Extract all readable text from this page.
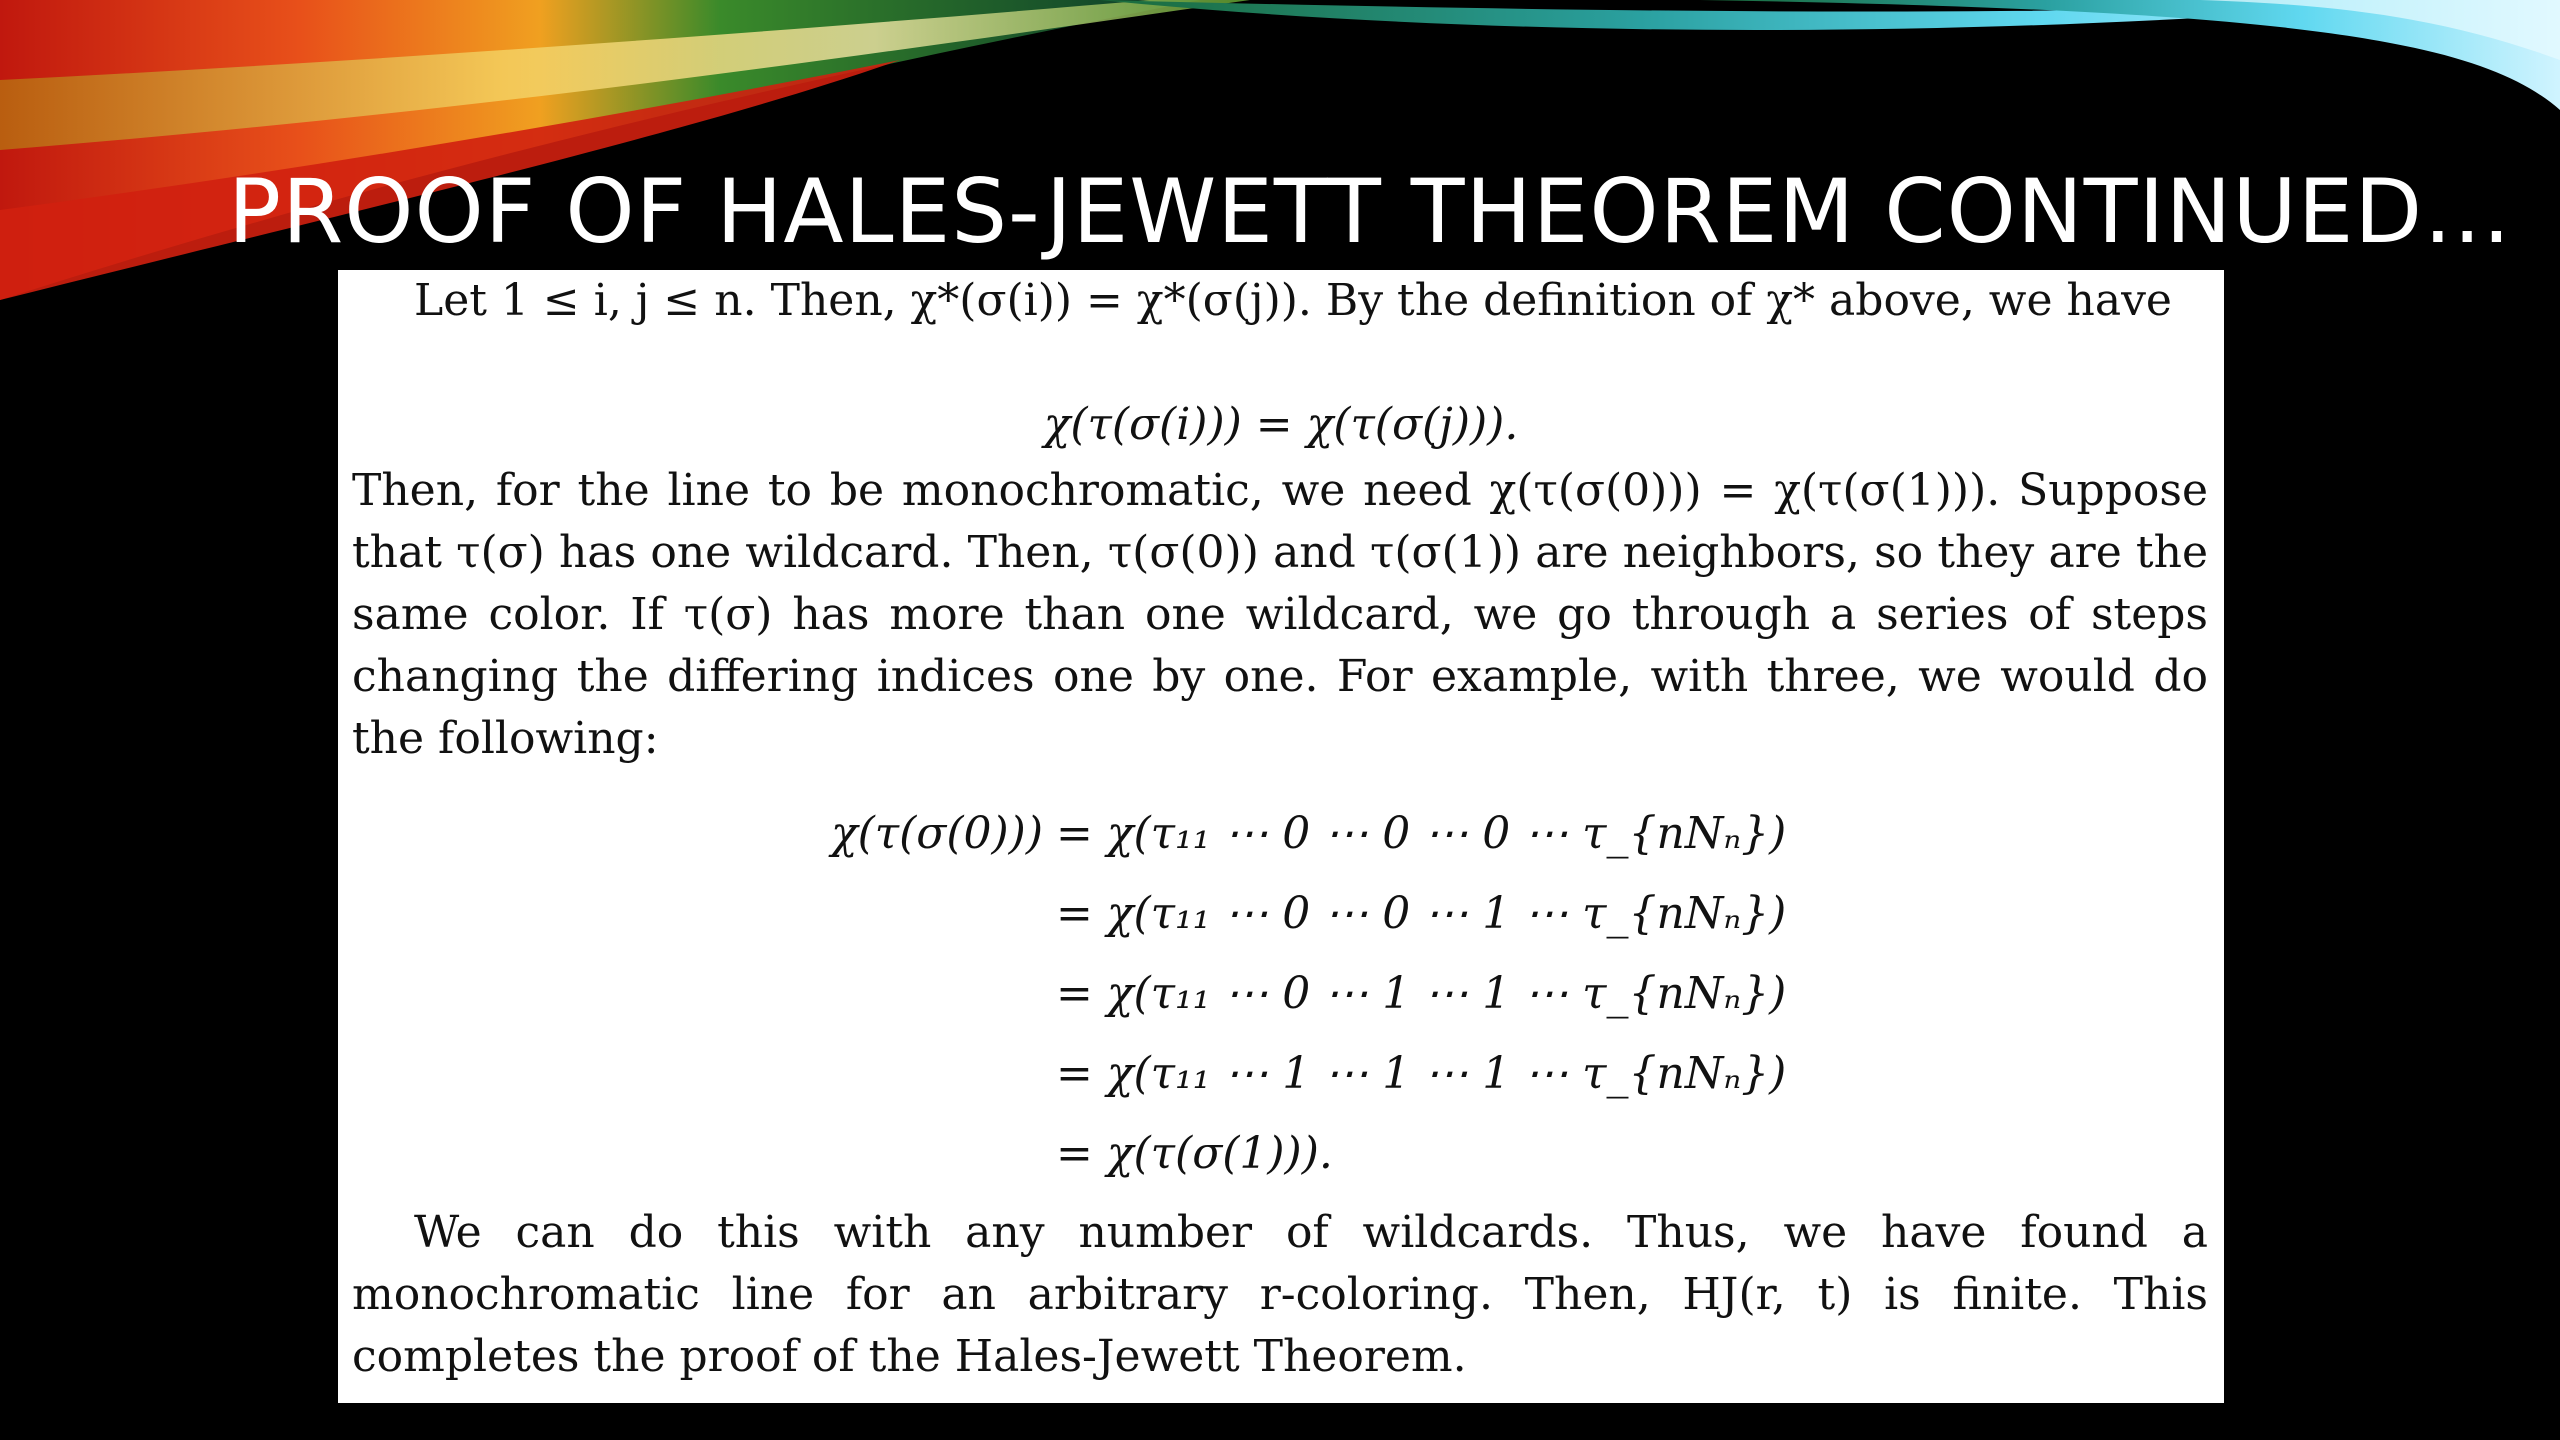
PROOF OF HALES-JEWETT THEOREM CONTINUED…
Let 1 ≤ i, j ≤ n. Then, χ*(σ(i)) = χ*(σ(j)). By the definition of χ* above, we have
χ(τ(σ(i))) = χ(τ(σ(j))).
Then, for the line to be monochromatic, we need χ(τ(σ(0))) = χ(τ(σ(1))). Suppose that τ(σ) has one wildcard. Then, τ(σ(0)) and τ(σ(1)) are neighbors, so they are the same color. If τ(σ) has more than one wildcard, we go through a series of steps changing the differing indices one by one. For example, with three, we would do the following:
χ(τ(σ(0))) = χ(τ₁₁ ⋯ 0 ⋯ 0 ⋯ 0 ⋯ τ_{nNₙ})
= χ(τ₁₁ ⋯ 0 ⋯ 0 ⋯ 1 ⋯ τ_{nNₙ})
= χ(τ₁₁ ⋯ 0 ⋯ 1 ⋯ 1 ⋯ τ_{nNₙ})
= χ(τ₁₁ ⋯ 1 ⋯ 1 ⋯ 1 ⋯ τ_{nNₙ})
= χ(τ(σ(1))).
We can do this with any number of wildcards. Thus, we have found a monochromatic line for an arbitrary r-coloring. Then, HJ(r, t) is finite. This completes the proof of the Hales-Jewett Theorem.
